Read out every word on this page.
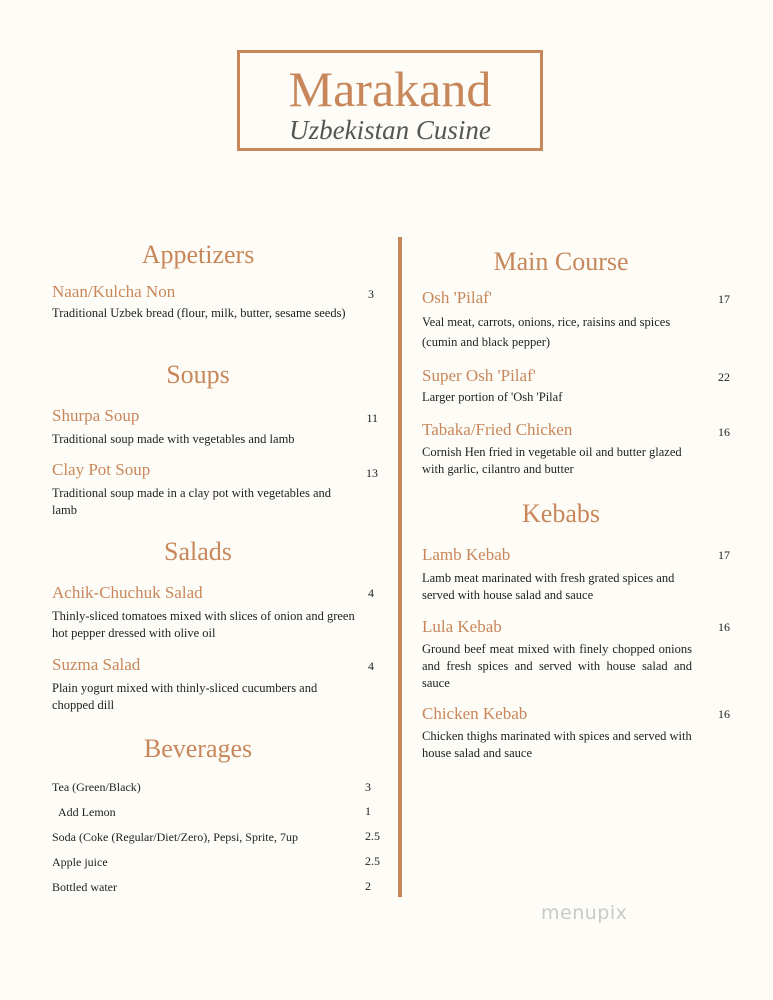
Marakand
Uzbekistan Cusine
Appetizers
Naan/Kulcha Non	3
Traditional Uzbek bread (flour, milk, butter, sesame seeds)
Soups
Shurpa Soup	11
Traditional soup made with vegetables and lamb
Clay Pot Soup	13
Traditional soup made in a clay pot with vegetables and lamb
Salads
Achik-Chuchuk Salad	4
Thinly-sliced tomatoes mixed with slices of onion and green hot pepper dressed with olive oil
Suzma Salad	4
Plain yogurt mixed with thinly-sliced cucumbers and chopped dill
Beverages
Tea (Green/Black)	3
Add Lemon	1
Soda (Coke (Regular/Diet/Zero), Pepsi, Sprite, 7up	2.5
Apple juice	2.5
Bottled water	2
Main Course
Osh 'Pilaf'	17
Veal meat, carrots, onions, rice, raisins and spices (cumin and black pepper)
Super Osh 'Pilaf'	22
Larger portion of 'Osh 'Pilaf
Tabaka/Fried Chicken	16
Cornish Hen fried in vegetable oil and butter glazed with garlic, cilantro and butter
Kebabs
Lamb Kebab	17
Lamb meat marinated with fresh grated spices and served with house salad and sauce
Lula Kebab	16
Ground beef meat mixed with finely chopped onions and fresh spices and served with house salad and sauce
Chicken Kebab	16
Chicken thighs marinated with spices and served with house salad and sauce
menupix
